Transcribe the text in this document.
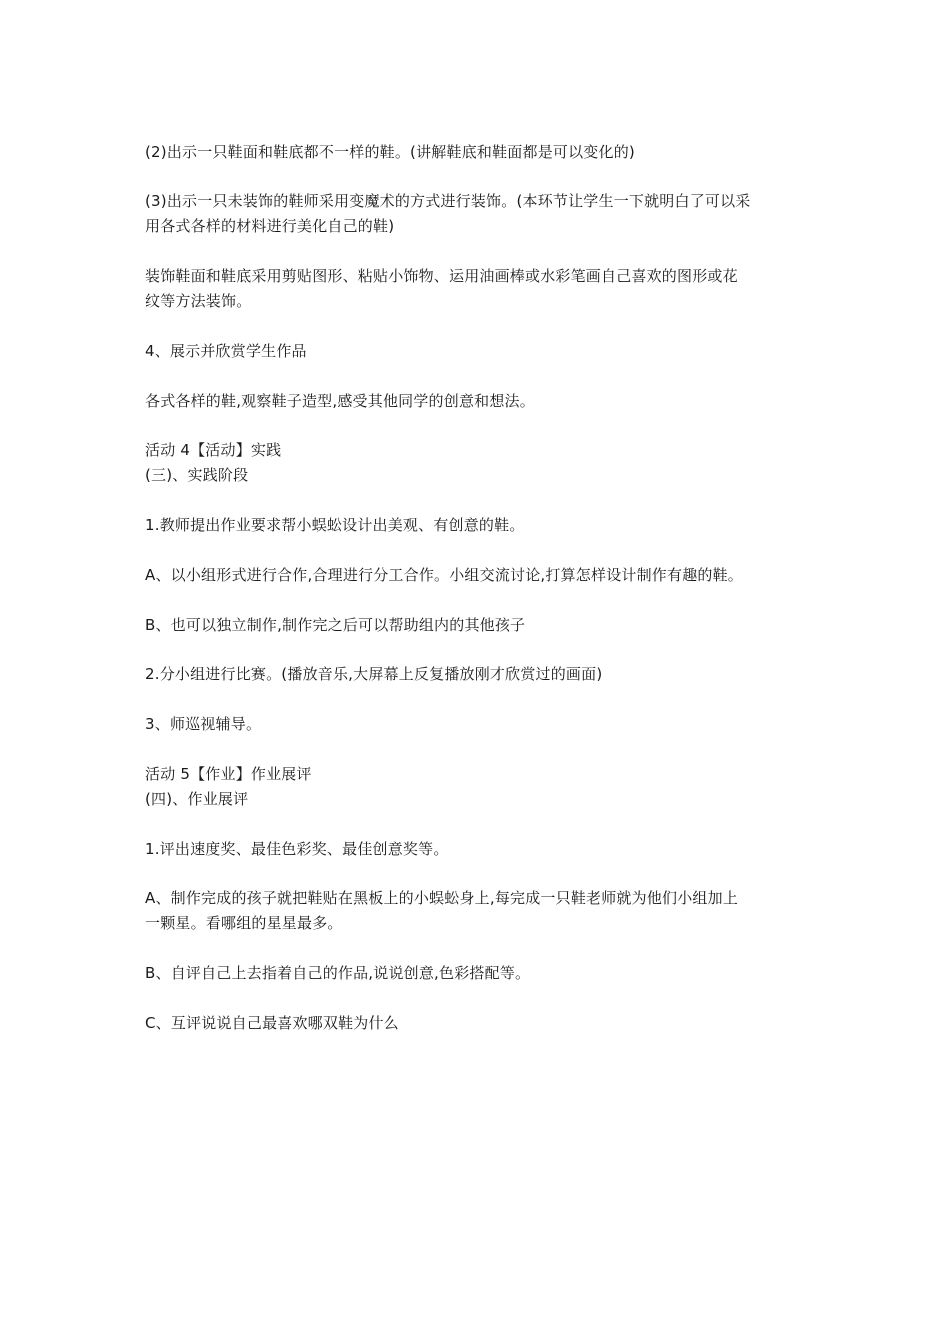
(2)出示一只鞋面和鞋底都不一样的鞋。(讲解鞋底和鞋面都是可以变化的)
(3)出示一只未装饰的鞋师采用变魔术的方式进行装饰。(本环节让学生一下就明白了可以采
用各式各样的材料进行美化自己的鞋)
装饰鞋面和鞋底采用剪贴图形、粘贴小饰物、运用油画棒或水彩笔画自己喜欢的图形或花
纹等方法装饰。
4、展示并欣赏学生作品
各式各样的鞋,观察鞋子造型,感受其他同学的创意和想法。
活动 4【活动】实践
(三)、实践阶段
1.教师提出作业要求帮小蜈蚣设计出美观、有创意的鞋。
A、以小组形式进行合作,合理进行分工合作。小组交流讨论,打算怎样设计制作有趣的鞋。
B、也可以独立制作,制作完之后可以帮助组内的其他孩子
2.分小组进行比赛。(播放音乐,大屏幕上反复播放刚才欣赏过的画面)
3、师巡视辅导。
活动 5【作业】作业展评
(四)、作业展评
1.评出速度奖、最佳色彩奖、最佳创意奖等。
A、制作完成的孩子就把鞋贴在黑板上的小蜈蚣身上,每完成一只鞋老师就为他们小组加上
一颗星。看哪组的星星最多。
B、自评自己上去指着自己的作品,说说创意,色彩搭配等。
C、互评说说自己最喜欢哪双鞋为什么
